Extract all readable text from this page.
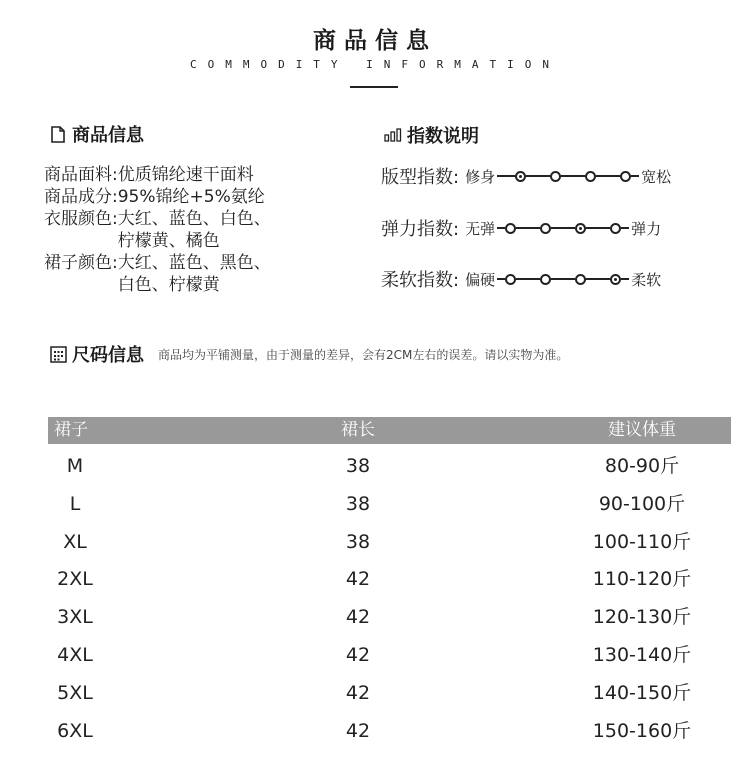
商品信息
COMMODITY INFORMATION
商品信息
商品面料: 优质锦纶速干面料
商品成分: 95%锦纶+5%氨纶
衣服颜色: 大红、蓝色、白色、
柠檬黄、橘色
裙子颜色: 大红、蓝色、黑色、
白色、柠檬黄
指数说明
版型指数: 修身	宽松
弹力指数: 无弹	弹力
柔软指数: 偏硬	柔软
尺码信息 商品均为平铺测量，由于测量的差异，会有2CM左右的误差。请以实物为准。
裙子	裙长	建议体重
M	38	80-90斤
L	38	90-100斤
XL	38	100-110斤
2XL	42	110-120斤
3XL	42	120-130斤
4XL	42	130-140斤
5XL	42	140-150斤
6XL	42	150-160斤
